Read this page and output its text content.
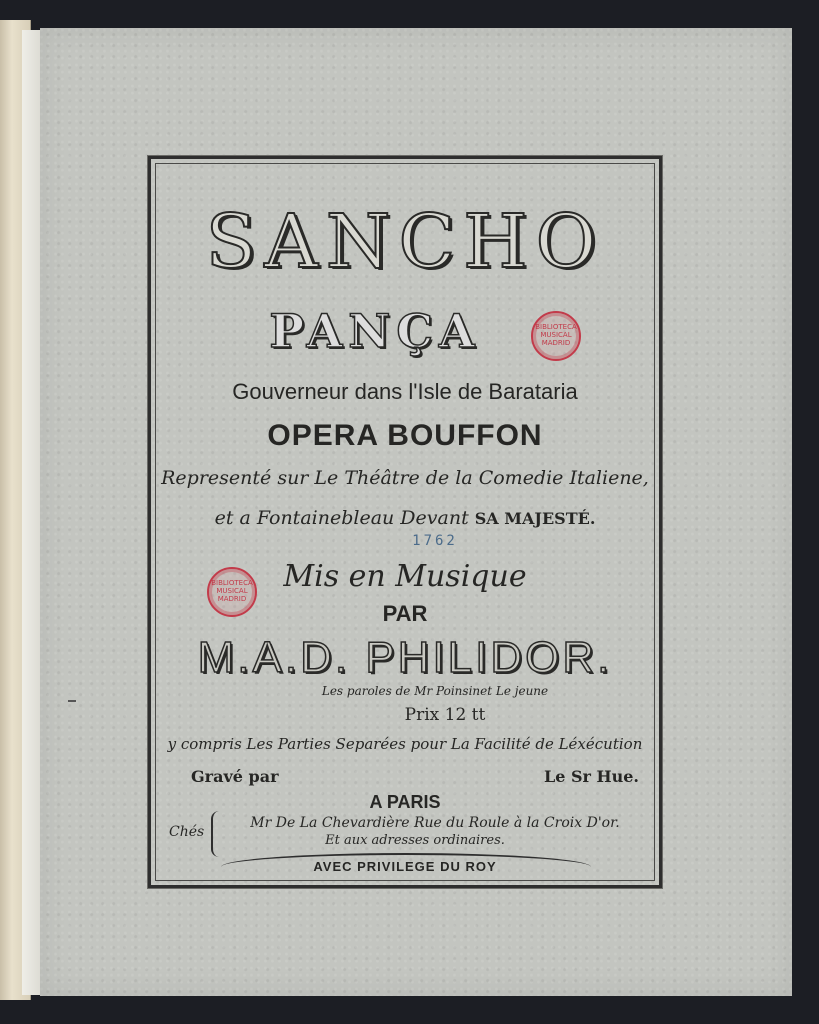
SANCHO
PANÇA	BIBLIOTECA MUSICAL MADRID
Gouverneur dans l'Isle de Barataria
OPERA BOUFFON
Representé sur Le Théâtre de la Comedie Italiene,
et a Fontainebleau Devant SA MAJESTÉ.
1762
BIBLIOTECA MUSICAL MADRID
Mis en Musique
PAR
M.A.D. PHILIDOR.
Les paroles de Mr Poinsinet Le jeune
Prix 12 tt
y compris Les Parties Separées pour La Facilité de Léxécution
Gravé par	Le Sr Hue.
A PARIS
Chés
Mr De La Chevardière Rue du Roule à la Croix D'or.
Et aux adresses ordinaires.
AVEC PRIVILEGE DU ROY
